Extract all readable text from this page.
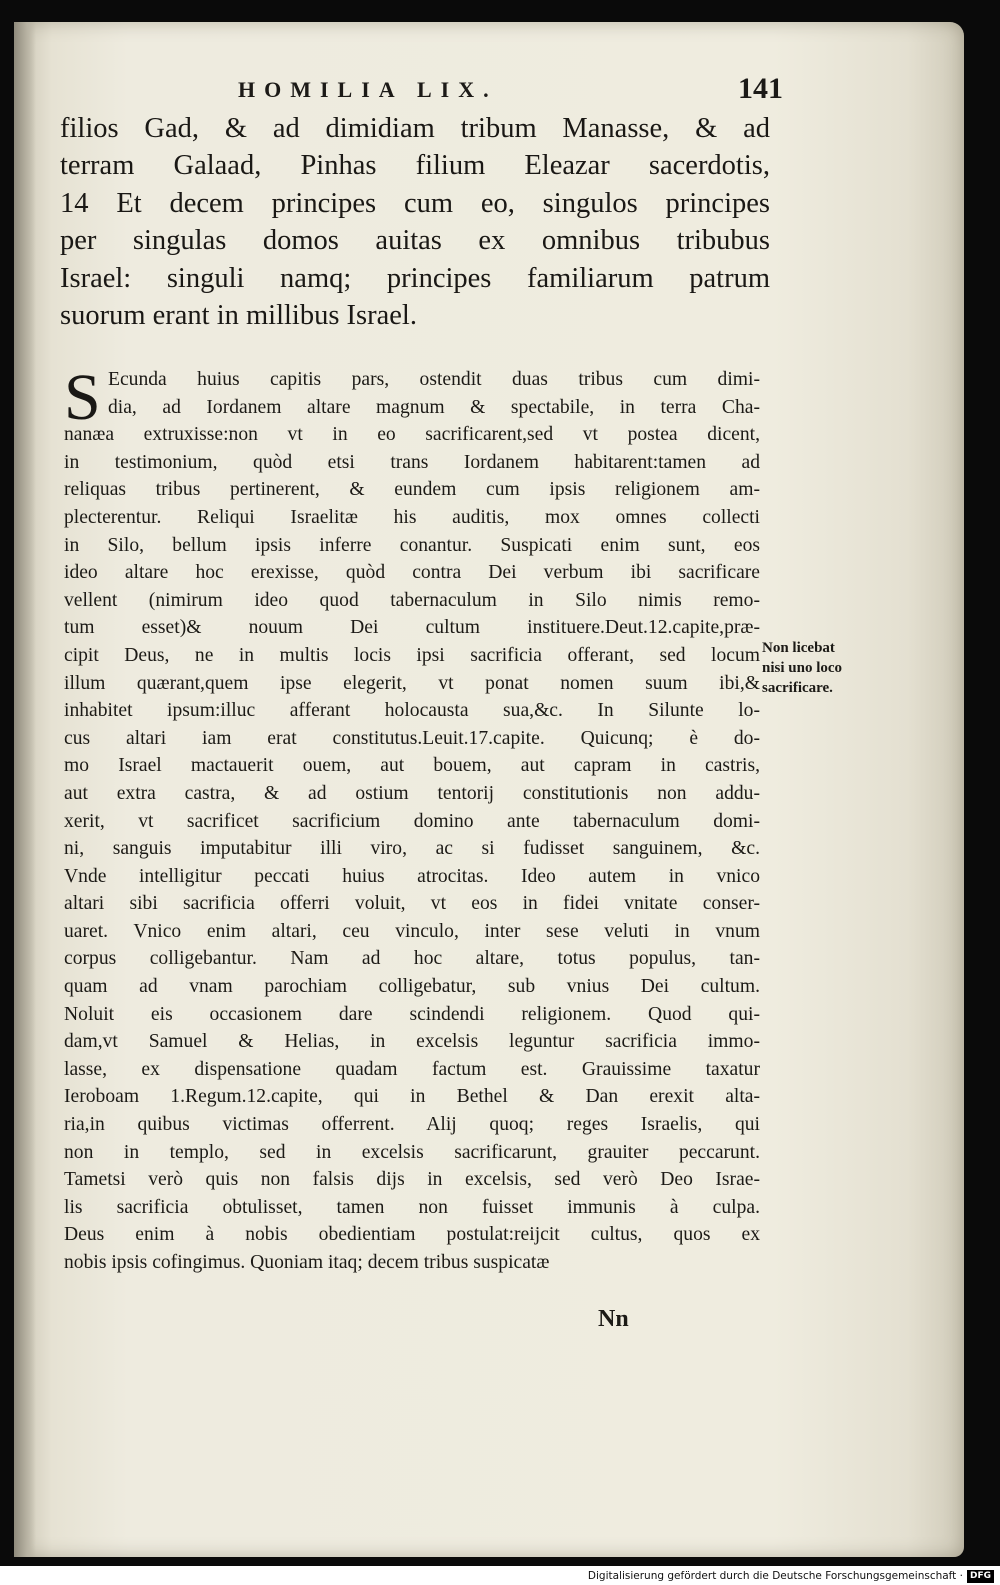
HOMILIA LIX.	141
filios Gad, & ad dimidiam tribum Manasse, & ad
terram Galaad, Pinhas filium Eleazar sacerdotis,
14 Et decem principes cum eo, singulos principes
per singulas domos auitas ex omnibus tribubus
Israel: singuli namq; principes familiarum patrum
suorum erant in millibus Israel.
S Ecunda huius capitis pars, ostendit duas tribus cum dimi-
dia, ad Iordanem altare magnum & spectabile, in terra Cha-
nanæa extruxisse:non vt in eo sacrificarent,sed vt postea dicent,
in testimonium, quòd etsi trans Iordanem habitarent:tamen ad
reliquas tribus pertinerent, & eundem cum ipsis religionem am-
plecterentur. Reliqui Israelitæ his auditis, mox omnes collecti
in Silo, bellum ipsis inferre conantur. Suspicati enim sunt, eos
ideo altare hoc erexisse, quòd contra Dei verbum ibi sacrificare
vellent (nimirum ideo quod tabernaculum in Silo nimis remo-
tum esset)& nouum Dei cultum instituere.Deut.12.capite,præ-
cipit Deus, ne in multis locis ipsi sacrificia offerant, sed locum
illum quærant,quem ipse elegerit, vt ponat nomen suum ibi,&
inhabitet ipsum:illuc afferant holocausta sua,&c. In Silunte lo-
cus altari iam erat constitutus.Leuit.17.capite. Quicunq; è do-
mo Israel mactauerit ouem, aut bouem, aut capram in castris,
aut extra castra, & ad ostium tentorij constitutionis non addu-
xerit, vt sacrificet sacrificium domino ante tabernaculum domi-
ni, sanguis imputabitur illi viro, ac si fudisset sanguinem, &c.
Vnde intelligitur peccati huius atrocitas. Ideo autem in vnico
altari sibi sacrificia offerri voluit, vt eos in fidei vnitate conser-
uaret. Vnico enim altari, ceu vinculo, inter sese veluti in vnum
corpus colligebantur. Nam ad hoc altare, totus populus, tan-
quam ad vnam parochiam colligebatur, sub vnius Dei cultum.
Noluit eis occasionem dare scindendi religionem. Quod qui-
dam,vt Samuel & Helias, in excelsis leguntur sacrificia immo-
lasse, ex dispensatione quadam factum est. Grauissime taxatur
Ieroboam 1.Regum.12.capite, qui in Bethel & Dan erexit alta-
ria,in quibus victimas offerrent. Alij quoq; reges Israelis, qui
non in templo, sed in excelsis sacrificarunt, grauiter peccarunt.
Tametsi verò quis non falsis dijs in excelsis, sed verò Deo Israe-
lis sacrificia obtulisset, tamen non fuisset immunis à culpa.
Deus enim à nobis obedientiam postulat:reijcit cultus, quos ex
nobis ipsis cofingimus. Quoniam itaq; decem tribus suspicatæ
Non licebat
nisi uno loco
sacrificare.
Nn
Digitalisierung gefördert durch die Deutsche Forschungsgemeinschaft · DFG
